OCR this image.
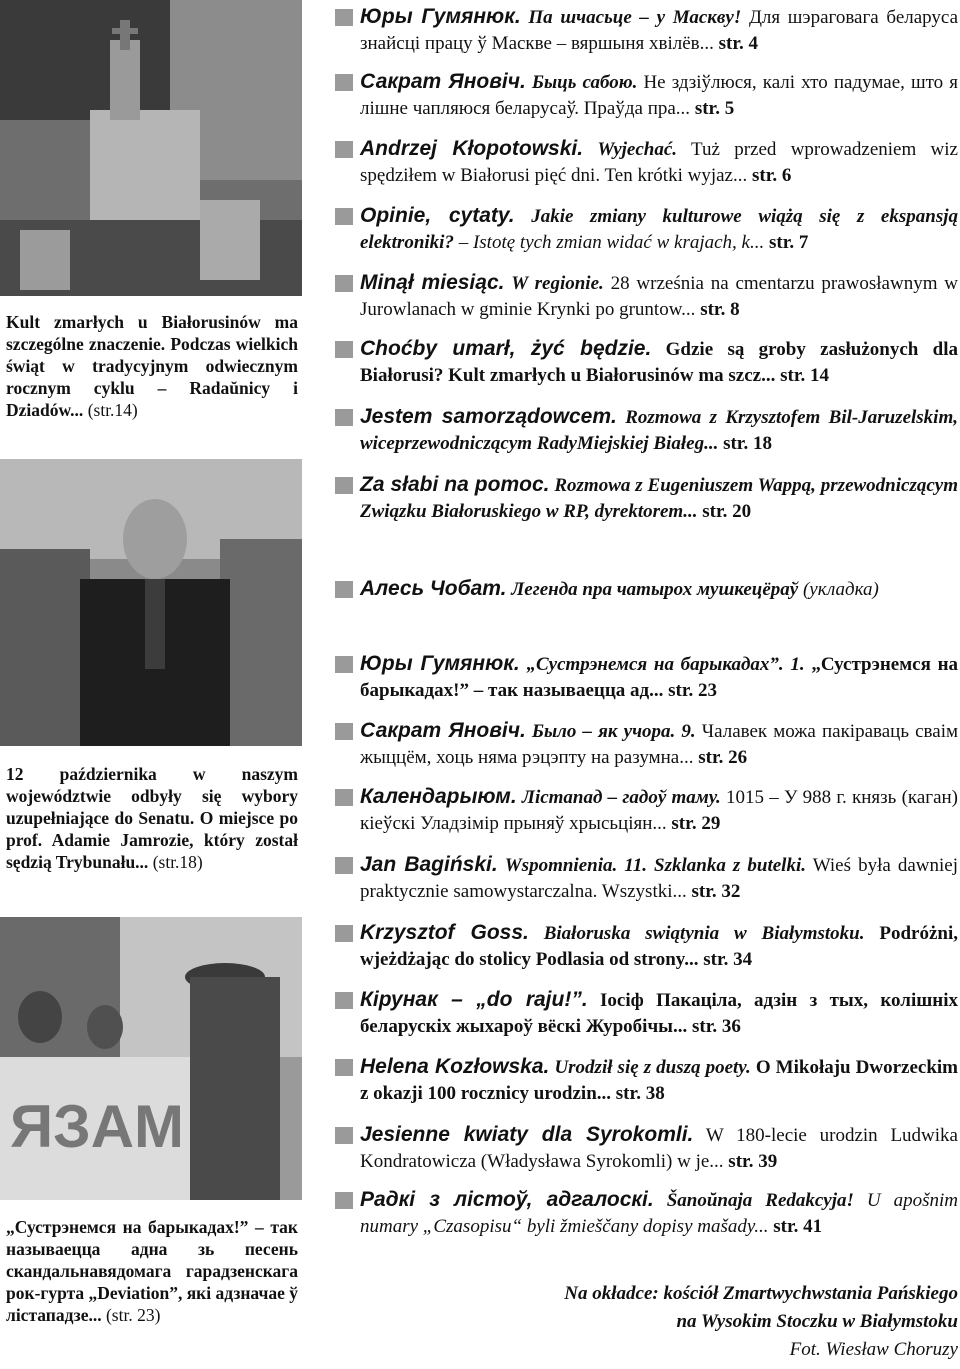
Kult zmarłych u Białorusinów ma szczególne znaczenie. Podczas wielkich świąt w tradycyjnym odwiecznym rocznym cyklu – Radaŭnicy i Dziadów... (str.14)
12 października w naszym województwie odbyły się wybory uzupełniające do Senatu. O miejsce po prof. Adamie Jamrozie, który został sędzią Trybunału... (str.18)
ЯЗАМ
„Сустрэнемся на барыкадах!” – так называецца адна зь песень скандальнавядомага гарадзенскага рок-гурта „Deviation”, які адзначае ў лістападзе... (str. 23)
Юры Гумянюк. Па шчасьце – у Маскву! Для шэраговага беларуса знайсці працу ў Маскве – вяршыня хвілёв... str. 4
Сакрат Яновіч. Быць сабою. Не здзіўлюся, калі хто падумае, што я лішне чапляюся беларусаў. Праўда пра... str. 5
Andrzej Kłopotowski. Wyjechać. Tuż przed wprowadzeniem wiz spędziłem w Białorusi pięć dni. Ten krótki wyjaz... str. 6
Opinie, cytaty. Jakie zmiany kulturowe wiążą się z ekspansją elektroniki? – Istotę tych zmian widać w krajach, k... str. 7
Minął miesiąc. W regionie. 28 września na cmentarzu prawosławnym w Jurowlanach w gminie Krynki po gruntow... str. 8
Choćby umarł, żyć będzie. Gdzie są groby zasłużonych dla Białorusi? Kult zmarłych u Białorusinów ma szcz... str. 14
Jestem samorządowcem. Rozmowa z Krzysztofem Bil-Jaruzelskim, wiceprzewodniczącym RadyMiejskiej Białeg... str. 18
Za słabi na pomoc. Rozmowa z Eugeniuszem Wappą, przewodniczącym Związku Białoruskiego w RP, dyrektorem... str. 20
Алесь Чобат. Легенда пра чатырох мушкецёраў (укладка)
Юры Гумянюк. „Сустрэнемся на барыкадах”. 1. „Сустрэнемся на барыкадах!” – так называецца ад... str. 23
Сакрат Яновіч. Было – як учора. 9. Чалавек можа пакіраваць сваім жыццём, хоць няма рэцэпту на разумна... str. 26
Календарыюм. Лістапад – гадоў таму. 1015 – У 988 г. князь (каган) кіеўскі Уладзімір прыняў хрысьціян... str. 29
Jan Bagiński. Wspomnienia. 11. Szklanka z butelki. Wieś była dawniej praktycznie samowystarczalna. Wszystki... str. 32
Krzysztof Goss. Białoruska swiątynia w Białymstoku. Podróżni, wjeżdżając do stolicy Podlasia od strony... str. 34
Кірунак – „do raju!”. Іосіф Пакаціла, адзін з тых, колішніх беларускіх жыхароў вёскі Журобічы... str. 36
Helena Kozłowska. Urodził się z duszą poety. O Mikołaju Dworzeckim z okazji 100 rocznicy urodzin... str. 38
Jesienne kwiaty dla Syrokomli. W 180-lecie urodzin Ludwika Kondratowicza (Władysława Syrokomli) w je... str. 39
Радкі з лістоў, адгалоскі. Šanoŭnaja Redakcyja! U apošnim numary „Czasopisu“ byli žmieščany dopisy mašady... str. 41
Na okładce: kościół Zmartwychwstania Pańskiego
na Wysokim Stoczku w Białymstoku
Fot. Wiesław Choruzy
